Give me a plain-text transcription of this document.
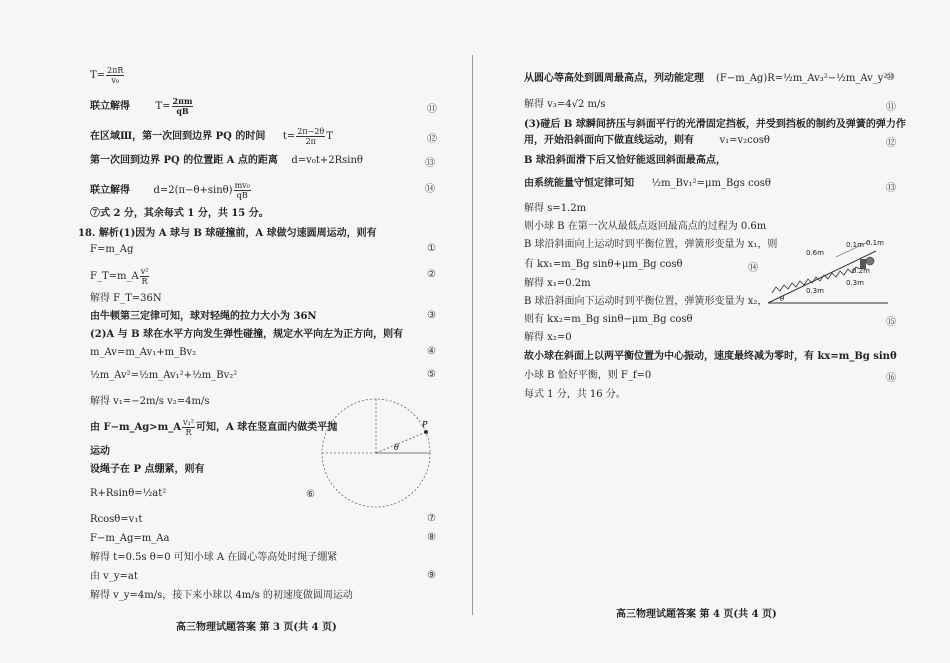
$T= \frac{2\pi R}{\text{v₀}}$
联立解得	$T= \frac{2\pi m}{qB}$	⑪
在区域Ⅲ，第一次回到边界 PQ 的时间 $t= \frac{2\pi-2\theta}{2\pi}$ T	⑫
第一次回到边界 PQ 的位置距 A 点的距离 d=v₀t+2Rsinθ	⑬
联立解得 $d=2(\pi-\theta+\sin\theta) \frac{\text{mv₀}}{qB}$	⑭
⑦式 2 分，其余每式 1 分，共 15 分。
18. 解析(1)因为 A 球与 B 球碰撞前，A 球做匀速圆周运动，则有
F=m_Ag	①
F_T=m_A $\frac{\text{v²}}{R}$	②
解得 F_T=36N
由牛顿第三定律可知，球对轻绳的拉力大小为 36N	③
(2)A 与 B 球在水平方向发生弹性碰撞，规定水平向左为正方向，则有
m_Av=m_Av₁+m_Bv₂	④
½m_Av²=½m_Av₁²+½m_Bv₂²	⑤
解得 v₁=−2m/s v₂=4m/s
由 F−m_Ag>m_A $\frac{\text{v₁²}}{R}$ 可知，A 球在竖直面内做类平抛
运动
设绳子在 P 点绷紧，则有
R+Rsinθ=½at²	⑥
Rcosθ=v₁t	⑦
F−m_Ag=m_Aa	⑧
解得 t=0.5s θ=0 可知小球 A 在圆心等高处时绳子绷紧
由 v_y=at	⑨
解得 v_y=4m/s，接下来小球以 4m/s 的初速度做圆周运动
P
θ
高三物理试题答案 第 3 页(共 4 页)
从圆心等高处到圆周最高点，列动能定理 (F−m_Ag)R=½m_Av₃²−½m_Av_y²
⑩
解得 v₃=4√2 m/s	⑪
(3)碰后 B 球瞬间挤压与斜面平行的光滑固定挡板，并受到挡板的制约及弹簧的弹力作
用，开始沿斜面向下做直线运动，则有	v₁=v₂cosθ	⑫
B 球沿斜面滑下后又恰好能返回斜面最高点，
由系统能量守恒定律可知 ½m_Bv₁²=μm_Bgs cosθ	⑬
解得 s=1.2m
则小球 B 在第一次从最低点返回最高点的过程为 0.6m
B 球沿斜面向上运动时到平衡位置，弹簧形变量为 x₁，则
有 kx₁=m_Bg sinθ+μm_Bg cosθ	⑭
解得 x₁=0.2m
B 球沿斜面向下运动时到平衡位置，弹簧形变量为 x₂，
则有 kx₂=m_Bg sinθ−μm_Bg cosθ	⑮
解得 x₂=0
故小球在斜面上以两平衡位置为中心振动，速度最终减为零时，有 kx=m_Bg sinθ
小球 B 恰好平衡，则 F_f=0	⑯
每式 1 分，共 16 分。
0.6m
0.1m 0.1m
0.2m
0.3m
0.3m
θ
高三物理试题答案 第 4 页(共 4 页)
